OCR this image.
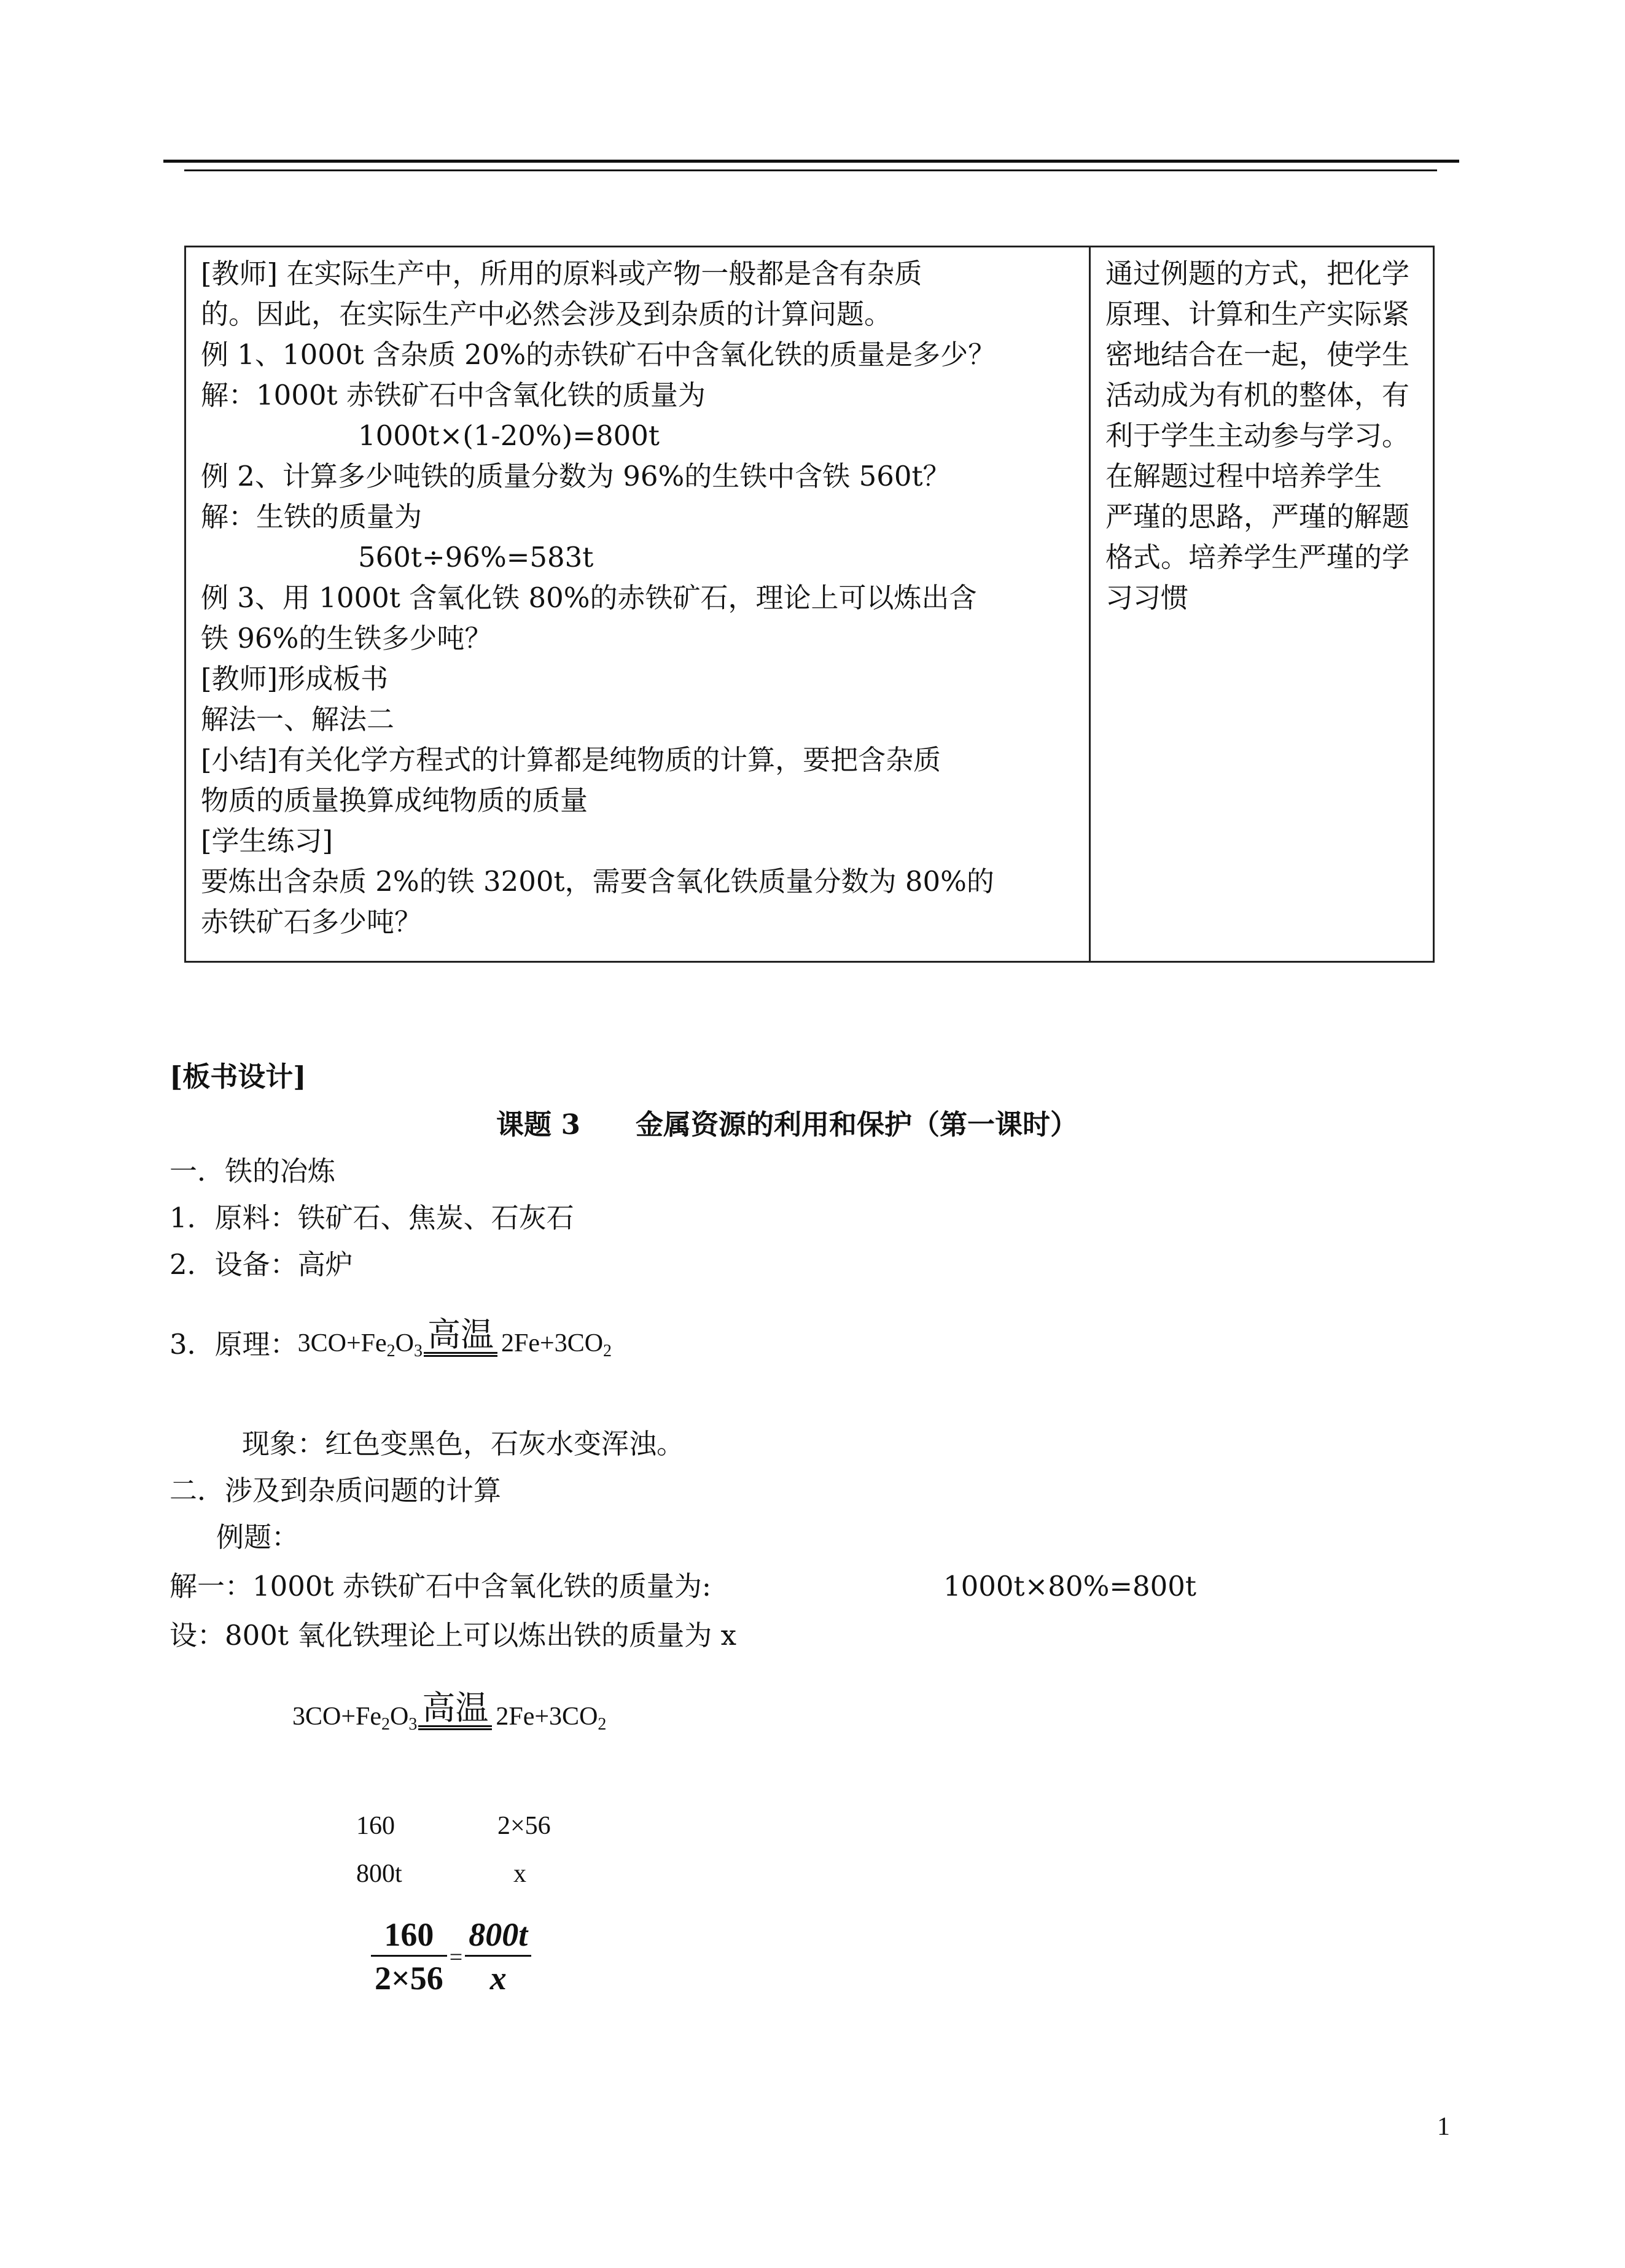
[教师] 在实际生产中，所用的原料或产物一般都是含有杂质
的。因此，在实际生产中必然会涉及到杂质的计算问题。
例 1、1000t 含杂质 20%的赤铁矿石中含氧化铁的质量是多少？
解：1000t 赤铁矿石中含氧化铁的质量为
1000t×(1-20%)=800t
例 2、计算多少吨铁的质量分数为 96%的生铁中含铁 560t？
解：生铁的质量为
560t÷96%=583t
例 3、用 1000t 含氧化铁 80%的赤铁矿石，理论上可以炼出含
铁 96%的生铁多少吨？
[教师]形成板书
解法一、解法二
[小结]有关化学方程式的计算都是纯物质的计算，要把含杂质
物质的质量换算成纯物质的质量
[学生练习]
要炼出含杂质 2%的铁 3200t，需要含氧化铁质量分数为 80%的
赤铁矿石多少吨？

通过例题的方式，把化学
原理、计算和生产实际紧
密地结合在一起，使学生
活动成为有机的整体，有
利于学生主动参与学习。
在解题过程中培养学生
严瑾的思路，严瑾的解题
格式。培养学生严瑾的学
习习惯
[板书设计]
课题 3　　金属资源的利用和保护（第一课时）
一．铁的冶炼
1．原料：铁矿石、焦炭、石灰石
2．设备：高炉
3．原理： $3CO+Fe_2O_3$ 高温 $2Fe+3CO_2$
现象：红色变黑色，石灰水变浑浊。
二．涉及到杂质问题的计算
例题：
解一：1000t 赤铁矿石中含氧化铁的质量为:	1000t×80%=800t
设：800t 氧化铁理论上可以炼出铁的质量为 x
$3CO+Fe_2O_3$ 高温 $2Fe+3CO_2$
160	2×56
800t	x
$\frac{160}{2\times 56} = \frac{800t}{x}$
1
